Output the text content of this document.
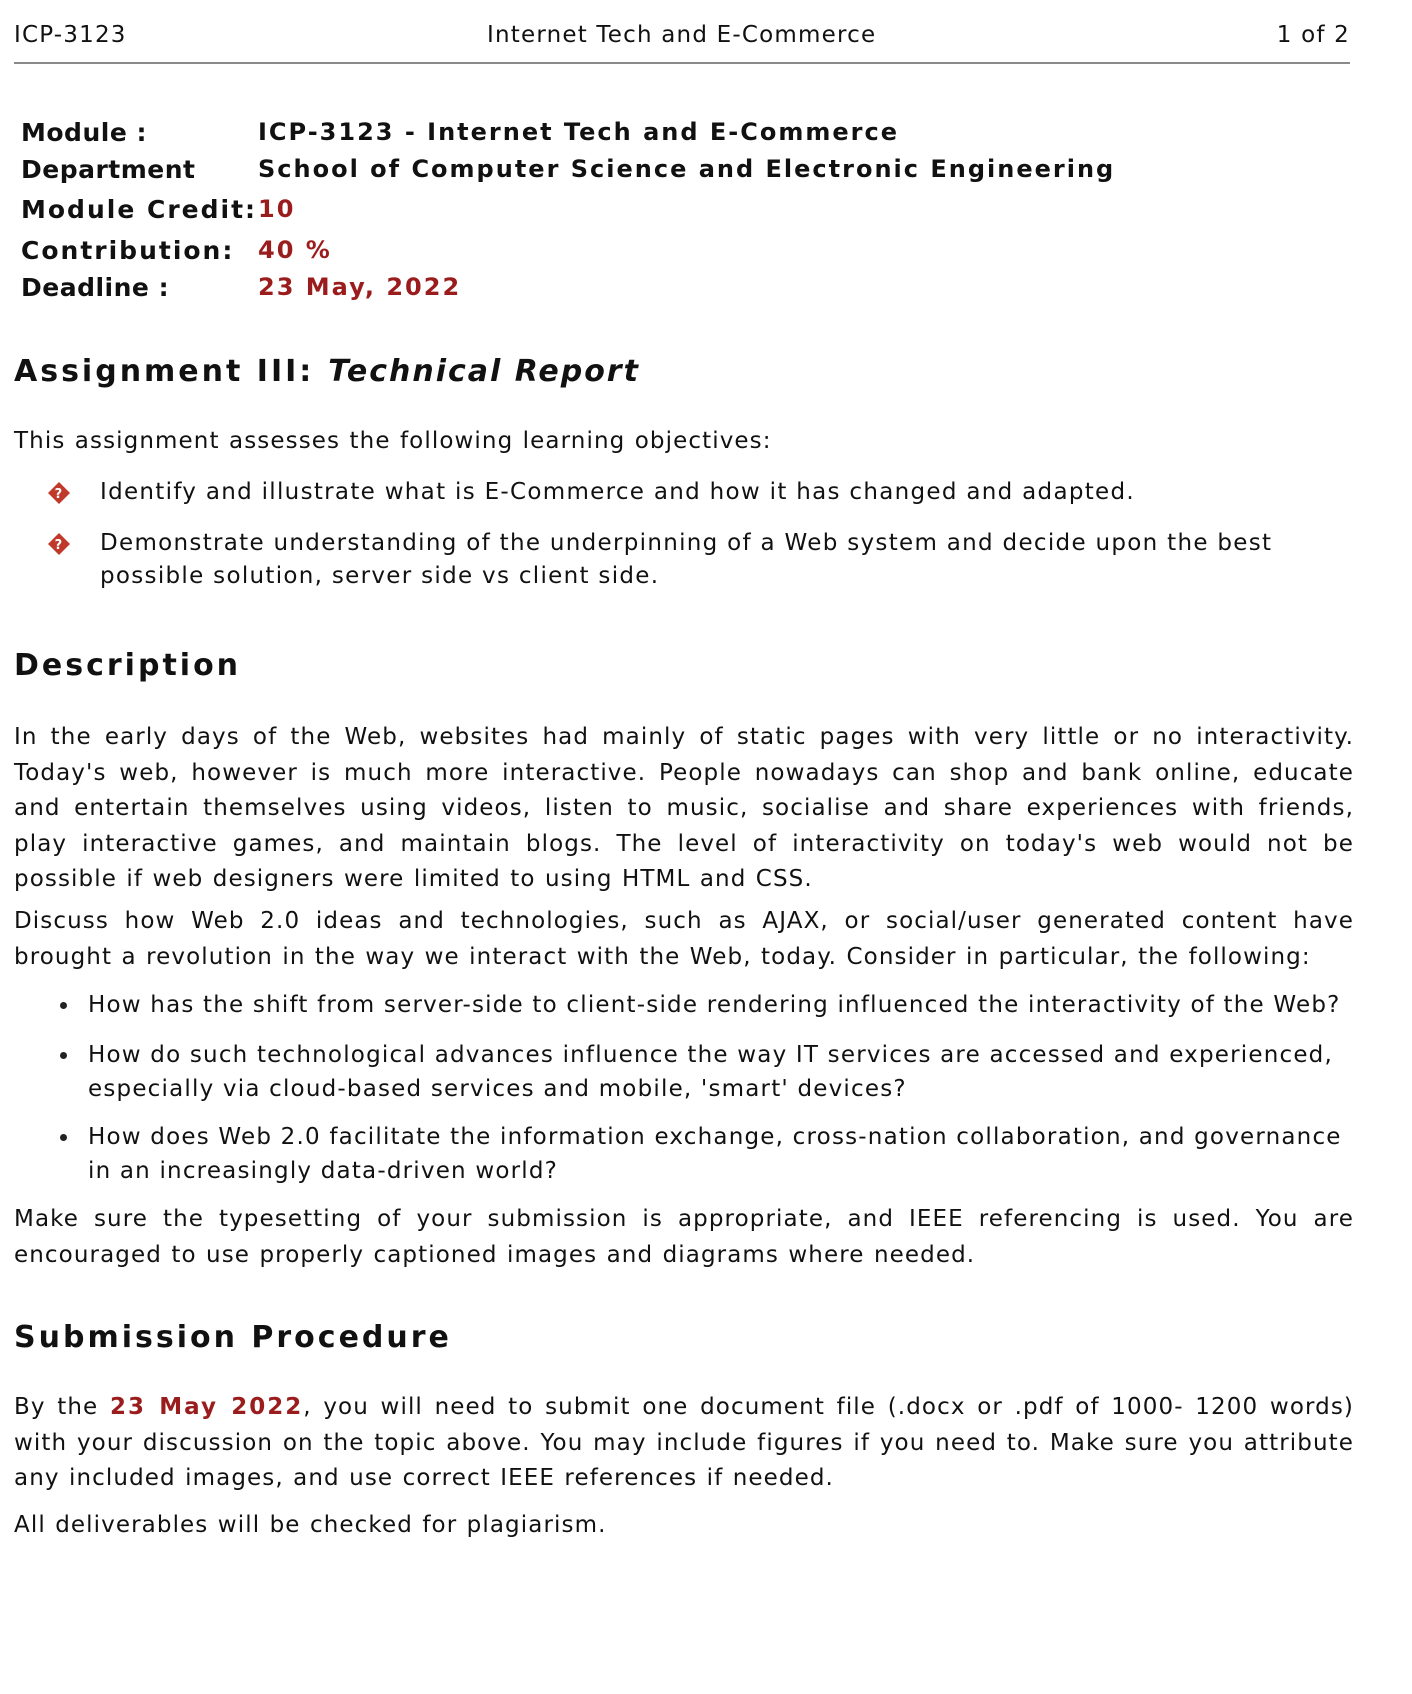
ICP-3123	Internet Tech and E-Commerce	1 of 2
Module :	ICP-3123 - Internet Tech and E-Commerce
Department	School of Computer Science and Electronic Engineering
Module Credit: 10
Contribution: 40 %
Deadline :	23 May, 2022
Assignment III: Technical Report
This assignment assesses the following learning objectives:
?	Identify and illustrate what is E-Commerce and how it has changed and adapted.
?	Demonstrate understanding of the underpinning of a Web system and decide upon the best possible solution, server side vs client side.
Description
In the early days of the Web, websites had mainly of static pages with very little or no interactivity. Today's web, however is much more interactive. People nowadays can shop and bank online, educate and entertain themselves using videos, listen to music, socialise and share experiences with friends, play interactive games, and maintain blogs. The level of interactivity on today's web would not be possible if web designers were limited to using HTML and CSS.
Discuss how Web 2.0 ideas and technologies, such as AJAX, or social/user generated content have brought a revolution in the way we interact with the Web, today. Consider in particular, the following:
How has the shift from server-side to client-side rendering influenced the interactivity of the Web?
How do such technological advances influence the way IT services are accessed and experienced, especially via cloud-based services and mobile, 'smart' devices?
How does Web 2.0 facilitate the information exchange, cross-nation collaboration, and governance in an increasingly data-driven world?
Make sure the typesetting of your submission is appropriate, and IEEE referencing is used. You are encouraged to use properly captioned images and diagrams where needed.
Submission Procedure
By the 23 May 2022, you will need to submit one document file (.docx or .pdf of 1000- 1200 words) with your discussion on the topic above. You may include figures if you need to. Make sure you attribute any included images, and use correct IEEE references if needed.
All deliverables will be checked for plagiarism.
